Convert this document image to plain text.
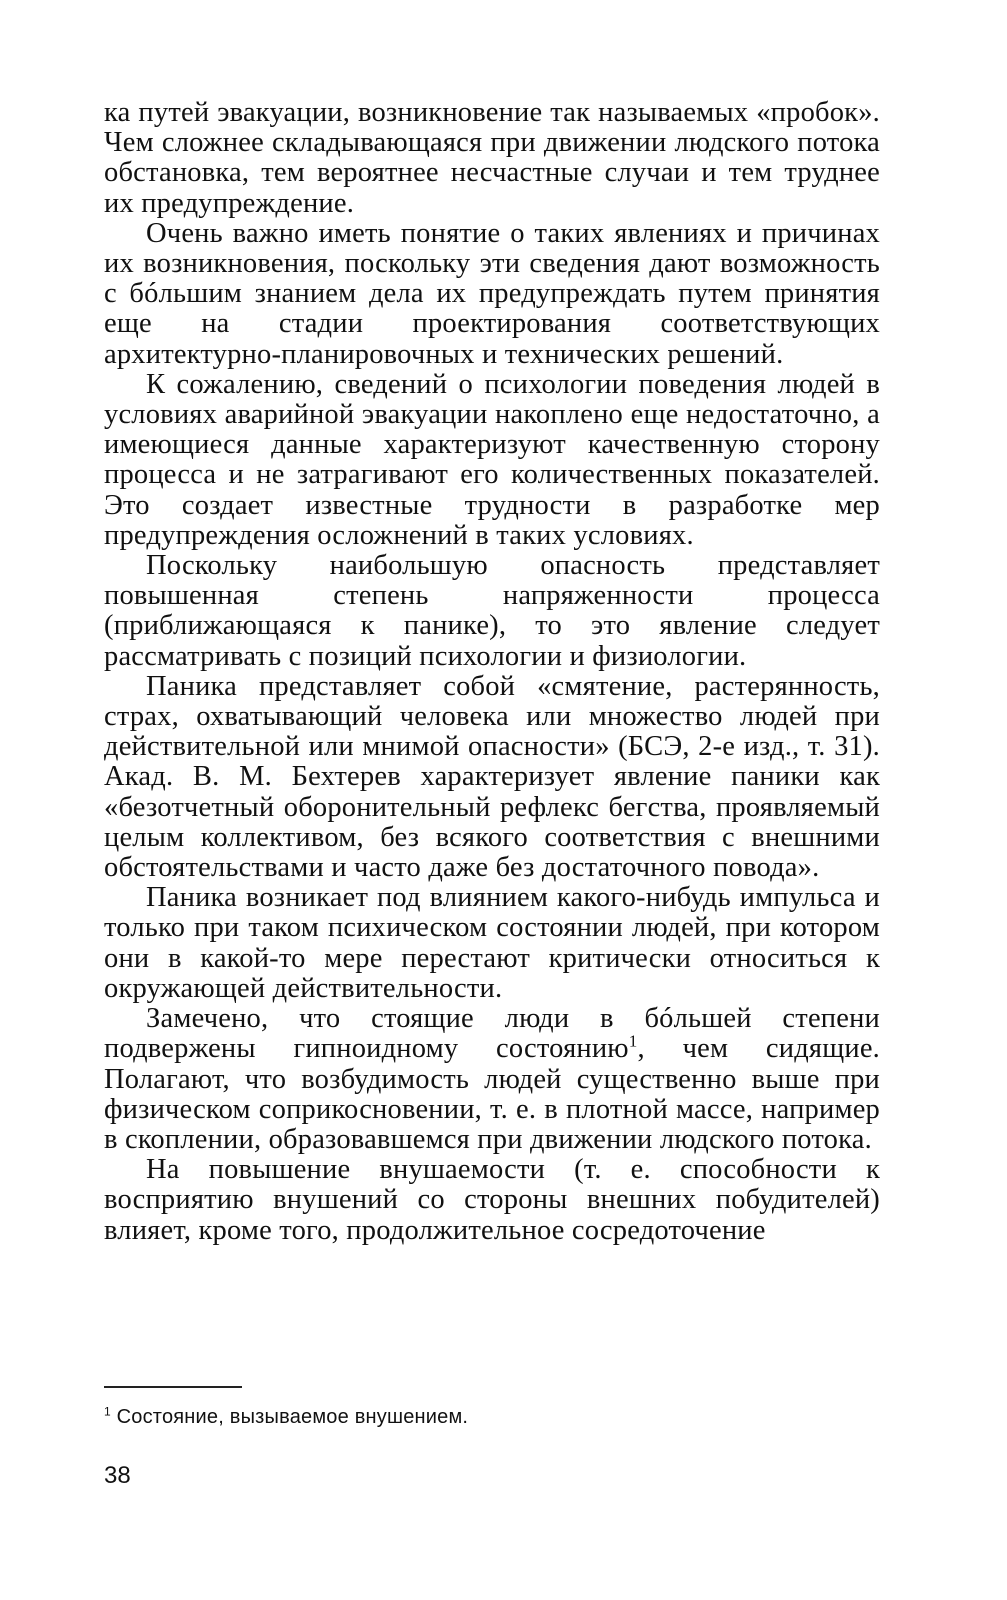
ка путей эвакуации, возникновение так называемых «пробок». Чем сложнее складывающаяся при движении людского потока обстановка, тем вероятнее несчастные случаи и тем труднее их предупреждение.

Очень важно иметь понятие о таких явлениях и причинах их возникновения, поскольку эти сведения дают возможность с бóльшим знанием дела их предупреждать путем принятия еще на стадии проектирования соответствующих архитектурно-планировочных и технических решений.

К сожалению, сведений о психологии поведения людей в условиях аварийной эвакуации накоплено еще недостаточно, а имеющиеся данные характеризуют качественную сторону процесса и не затрагивают его количественных показателей. Это создает известные трудности в разработке мер предупреждения осложнений в таких условиях.

Поскольку наибольшую опасность представляет повышенная степень напряженности процесса (приближающаяся к панике), то это явление следует рассматривать с позиций психологии и физиологии.

Паника представляет собой «смятение, растерянность, страх, охватывающий человека или множество людей при действительной или мнимой опасности» (БСЭ, 2-е изд., т. 31). Акад. В. М. Бехтерев характеризует явление паники как «безотчетный оборонительный рефлекс бегства, проявляемый целым коллективом, без всякого соответствия с внешними обстоятельствами и часто даже без достаточного повода».

Паника возникает под влиянием какого-нибудь импульса и только при таком психическом состоянии людей, при котором они в какой-то мере перестают критически относиться к окружающей действительности.

Замечено, что стоящие люди в бóльшей степени подвержены гипноидному состоянию$^1$, чем сидящие. Полагают, что возбудимость людей существенно выше при физическом соприкосновении, т. е. в плотной массе, например в скоплении, образовавшемся при движении людского потока.

На повышение внушаемости (т. е. способности к восприятию внушений со стороны внешних побудителей) влияет, кроме того, продолжительное сосредоточение

$^1$ Состояние, вызываемое внушением.
38
